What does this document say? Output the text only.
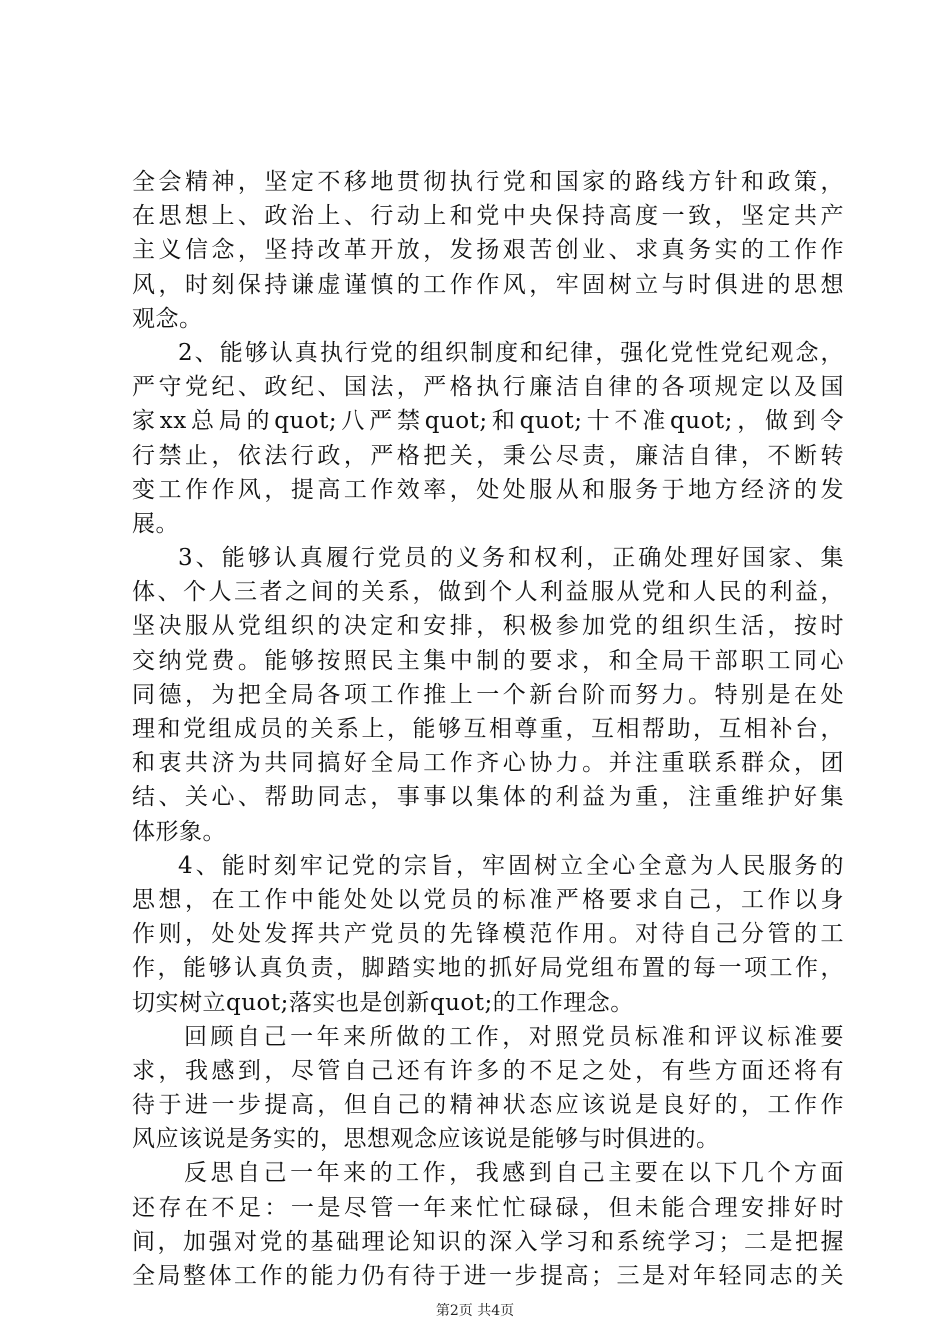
全会精神，坚定不移地贯彻执行党和国家的路线方针和政策，
在思想上、政治上、行动上和党中央保持高度一致，坚定共产
主义信念，坚持改革开放，发扬艰苦创业、求真务实的工作作
风，时刻保持谦虚谨慎的工作作风，牢固树立与时俱进的思想
观念。
2、能够认真执行党的组织制度和纪律，强化党性党纪观念，
严守党纪、政纪、国法，严格执行廉洁自律的各项规定以及国
家xx总局的quot;八严禁quot;和quot;十不准quot;，做到令
行禁止，依法行政，严格把关，秉公尽责，廉洁自律，不断转
变工作作风，提高工作效率，处处服从和服务于地方经济的发
展。
3、能够认真履行党员的义务和权利，正确处理好国家、集
体、个人三者之间的关系，做到个人利益服从党和人民的利益，
坚决服从党组织的决定和安排，积极参加党的组织生活，按时
交纳党费。能够按照民主集中制的要求，和全局干部职工同心
同德，为把全局各项工作推上一个新台阶而努力。特别是在处
理和党组成员的关系上，能够互相尊重，互相帮助，互相补台，
和衷共济为共同搞好全局工作齐心协力。并注重联系群众，团
结、关心、帮助同志，事事以集体的利益为重，注重维护好集
体形象。
4、能时刻牢记党的宗旨，牢固树立全心全意为人民服务的
思想，在工作中能处处以党员的标准严格要求自己，工作以身
作则，处处发挥共产党员的先锋模范作用。对待自己分管的工
作，能够认真负责，脚踏实地的抓好局党组布置的每一项工作，
切实树立quot;落实也是创新quot;的工作理念。
回顾自己一年来所做的工作，对照党员标准和评议标准要
求，我感到，尽管自己还有许多的不足之处，有些方面还将有
待于进一步提高，但自己的精神状态应该说是良好的，工作作
风应该说是务实的，思想观念应该说是能够与时俱进的。
反思自己一年来的工作，我感到自己主要在以下几个方面
还存在不足：一是尽管一年来忙忙碌碌，但未能合理安排好时
间，加强对党的基础理论知识的深入学习和系统学习；二是把握
全局整体工作的能力仍有待于进一步提高；三是对年轻同志的关
第2页 共4页
